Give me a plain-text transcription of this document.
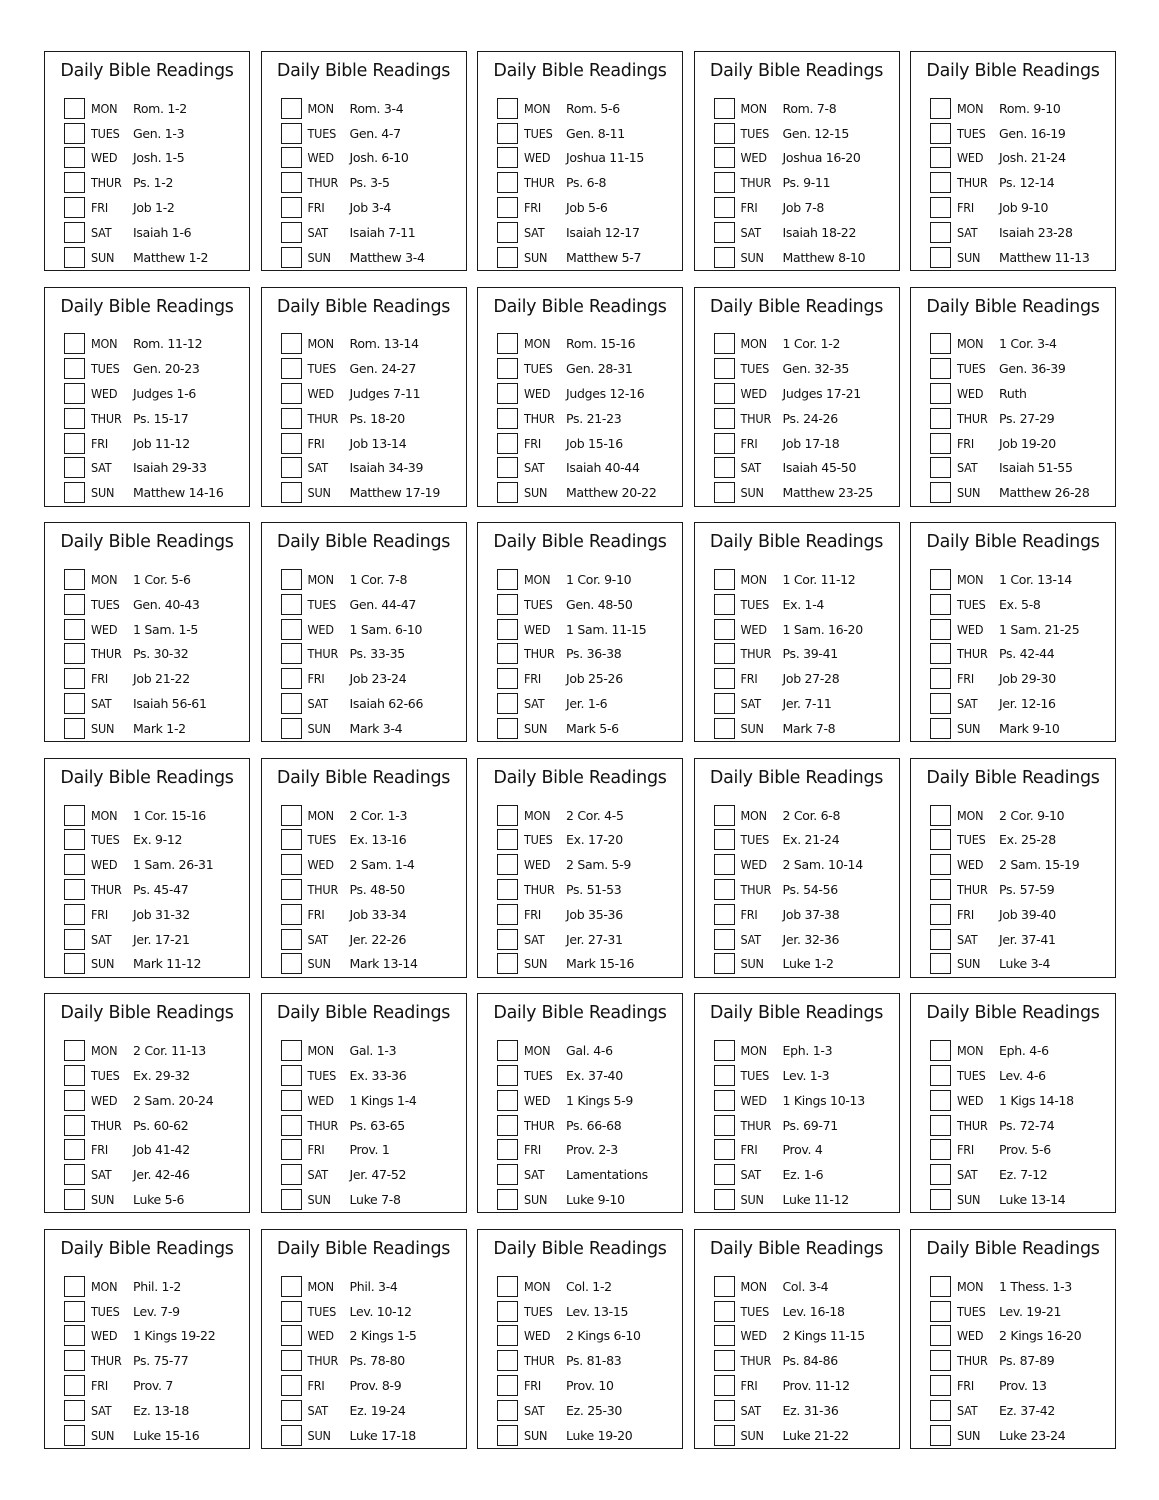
Daily Bible Readings
MON	Rom. 1-2
TUES	Gen. 1-3
WED	Josh. 1-5
THUR Ps. 1-2
FRI	Job 1-2
SAT	Isaiah 1-6
SUN	Matthew 1-2
Daily Bible Readings
MON	Rom. 3-4
TUES	Gen. 4-7
WED	Josh. 6-10
THUR Ps. 3-5
FRI	Job 3-4
SAT	Isaiah 7-11
SUN	Matthew 3-4
Daily Bible Readings
MON	Rom. 5-6
TUES	Gen. 8-11
WED	Joshua 11-15
THUR Ps. 6-8
FRI	Job 5-6
SAT	Isaiah 12-17
SUN	Matthew 5-7
Daily Bible Readings
MON	Rom. 7-8
TUES	Gen. 12-15
WED	Joshua 16-20
THUR Ps. 9-11
FRI	Job 7-8
SAT	Isaiah 18-22
SUN	Matthew 8-10
Daily Bible Readings
MON	Rom. 9-10
TUES	Gen. 16-19
WED	Josh. 21-24
THUR Ps. 12-14
FRI	Job 9-10
SAT	Isaiah 23-28
SUN	Matthew 11-13
Daily Bible Readings
MON	Rom. 11-12
TUES	Gen. 20-23
WED	Judges 1-6
THUR Ps. 15-17
FRI	Job 11-12
SAT	Isaiah 29-33
SUN	Matthew 14-16
Daily Bible Readings
MON	Rom. 13-14
TUES	Gen. 24-27
WED	Judges 7-11
THUR Ps. 18-20
FRI	Job 13-14
SAT	Isaiah 34-39
SUN	Matthew 17-19
Daily Bible Readings
MON	Rom. 15-16
TUES	Gen. 28-31
WED	Judges 12-16
THUR Ps. 21-23
FRI	Job 15-16
SAT	Isaiah 40-44
SUN	Matthew 20-22
Daily Bible Readings
MON	1 Cor. 1-2
TUES	Gen. 32-35
WED	Judges 17-21
THUR Ps. 24-26
FRI	Job 17-18
SAT	Isaiah 45-50
SUN	Matthew 23-25
Daily Bible Readings
MON	1 Cor. 3-4
TUES	Gen. 36-39
WED	Ruth
THUR Ps. 27-29
FRI	Job 19-20
SAT	Isaiah 51-55
SUN	Matthew 26-28
Daily Bible Readings
MON	1 Cor. 5-6
TUES	Gen. 40-43
WED	1 Sam. 1-5
THUR Ps. 30-32
FRI	Job 21-22
SAT	Isaiah 56-61
SUN	Mark 1-2
Daily Bible Readings
MON	1 Cor. 7-8
TUES	Gen. 44-47
WED	1 Sam. 6-10
THUR Ps. 33-35
FRI	Job 23-24
SAT	Isaiah 62-66
SUN	Mark 3-4
Daily Bible Readings
MON	1 Cor. 9-10
TUES	Gen. 48-50
WED	1 Sam. 11-15
THUR Ps. 36-38
FRI	Job 25-26
SAT	Jer. 1-6
SUN	Mark 5-6
Daily Bible Readings
MON	1 Cor. 11-12
TUES	Ex. 1-4
WED	1 Sam. 16-20
THUR Ps. 39-41
FRI	Job 27-28
SAT	Jer. 7-11
SUN	Mark 7-8
Daily Bible Readings
MON	1 Cor. 13-14
TUES	Ex. 5-8
WED	1 Sam. 21-25
THUR Ps. 42-44
FRI	Job 29-30
SAT	Jer. 12-16
SUN	Mark 9-10
Daily Bible Readings
MON	1 Cor. 15-16
TUES	Ex. 9-12
WED	1 Sam. 26-31
THUR Ps. 45-47
FRI	Job 31-32
SAT	Jer. 17-21
SUN	Mark 11-12
Daily Bible Readings
MON	2 Cor. 1-3
TUES	Ex. 13-16
WED	2 Sam. 1-4
THUR Ps. 48-50
FRI	Job 33-34
SAT	Jer. 22-26
SUN	Mark 13-14
Daily Bible Readings
MON	2 Cor. 4-5
TUES	Ex. 17-20
WED	2 Sam. 5-9
THUR Ps. 51-53
FRI	Job 35-36
SAT	Jer. 27-31
SUN	Mark 15-16
Daily Bible Readings
MON	2 Cor. 6-8
TUES	Ex. 21-24
WED	2 Sam. 10-14
THUR Ps. 54-56
FRI	Job 37-38
SAT	Jer. 32-36
SUN	Luke 1-2
Daily Bible Readings
MON	2 Cor. 9-10
TUES	Ex. 25-28
WED	2 Sam. 15-19
THUR Ps. 57-59
FRI	Job 39-40
SAT	Jer. 37-41
SUN	Luke 3-4
Daily Bible Readings
MON	2 Cor. 11-13
TUES	Ex. 29-32
WED	2 Sam. 20-24
THUR Ps. 60-62
FRI	Job 41-42
SAT	Jer. 42-46
SUN	Luke 5-6
Daily Bible Readings
MON	Gal. 1-3
TUES	Ex. 33-36
WED	1 Kings 1-4
THUR Ps. 63-65
FRI	Prov. 1
SAT	Jer. 47-52
SUN	Luke 7-8
Daily Bible Readings
MON	Gal. 4-6
TUES	Ex. 37-40
WED	1 Kings 5-9
THUR Ps. 66-68
FRI	Prov. 2-3
SAT	Lamentations
SUN	Luke 9-10
Daily Bible Readings
MON	Eph. 1-3
TUES	Lev. 1-3
WED	1 Kings 10-13
THUR Ps. 69-71
FRI	Prov. 4
SAT	Ez. 1-6
SUN	Luke 11-12
Daily Bible Readings
MON	Eph. 4-6
TUES	Lev. 4-6
WED	1 Kigs 14-18
THUR Ps. 72-74
FRI	Prov. 5-6
SAT	Ez. 7-12
SUN	Luke 13-14
Daily Bible Readings
MON	Phil. 1-2
TUES	Lev. 7-9
WED	1 Kings 19-22
THUR Ps. 75-77
FRI	Prov. 7
SAT	Ez. 13-18
SUN	Luke 15-16
Daily Bible Readings
MON	Phil. 3-4
TUES	Lev. 10-12
WED	2 Kings 1-5
THUR Ps. 78-80
FRI	Prov. 8-9
SAT	Ez. 19-24
SUN	Luke 17-18
Daily Bible Readings
MON	Col. 1-2
TUES	Lev. 13-15
WED	2 Kings 6-10
THUR Ps. 81-83
FRI	Prov. 10
SAT	Ez. 25-30
SUN	Luke 19-20
Daily Bible Readings
MON	Col. 3-4
TUES	Lev. 16-18
WED	2 Kings 11-15
THUR Ps. 84-86
FRI	Prov. 11-12
SAT	Ez. 31-36
SUN	Luke 21-22
Daily Bible Readings
MON	1 Thess. 1-3
TUES	Lev. 19-21
WED	2 Kings 16-20
THUR Ps. 87-89
FRI	Prov. 13
SAT	Ez. 37-42
SUN	Luke 23-24
